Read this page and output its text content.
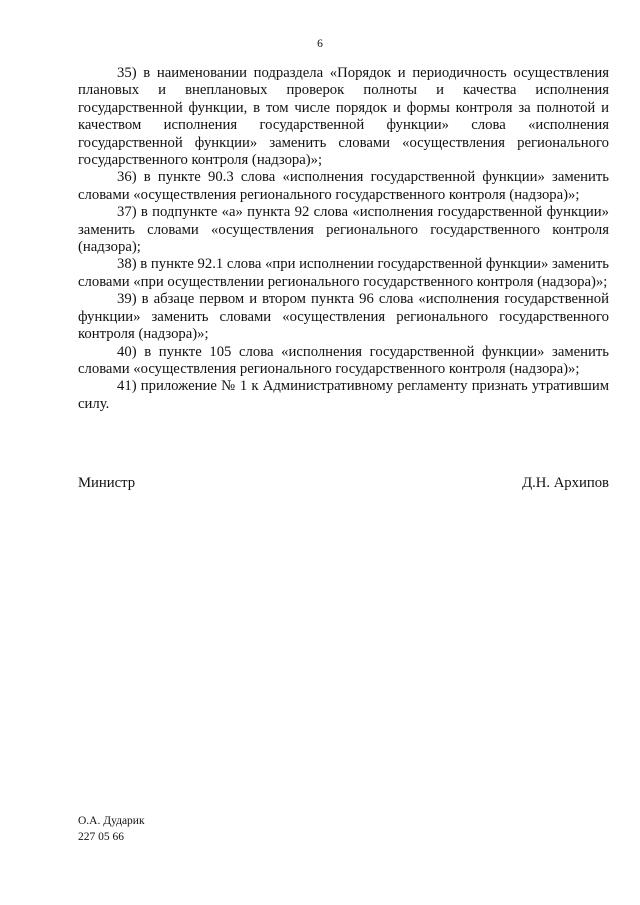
6

35) в наименовании подраздела «Порядок и периодичность осуществления плановых и внеплановых проверок полноты и качества исполнения государственной функции, в том числе порядок и формы контроля за полнотой и качеством исполнения государственной функции» слова «исполнения государственной функции» заменить словами «осуществления регионального государственного контроля (надзора)»;

36) в пункте 90.3 слова «исполнения государственной функции» заменить словами «осуществления регионального государственного контроля (надзора)»;

37) в подпункте «а» пункта 92 слова «исполнения государственной функции» заменить словами «осуществления регионального государственного контроля (надзора);

38) в пункте 92.1 слова «при исполнении государственной функции» заменить словами «при осуществлении регионального государственного контроля (надзора)»;

39) в абзаце первом и втором пункта 96 слова «исполнения государственной функции» заменить словами «осуществления регионального государственного контроля (надзора)»;

40) в пункте 105 слова «исполнения государственной функции» заменить словами «осуществления регионального государственного контроля (надзора)»;

41) приложение № 1 к Административному регламенту признать утратившим силу.

Министр	Д.Н. Архипов
О.А. Дударик
227 05 66
